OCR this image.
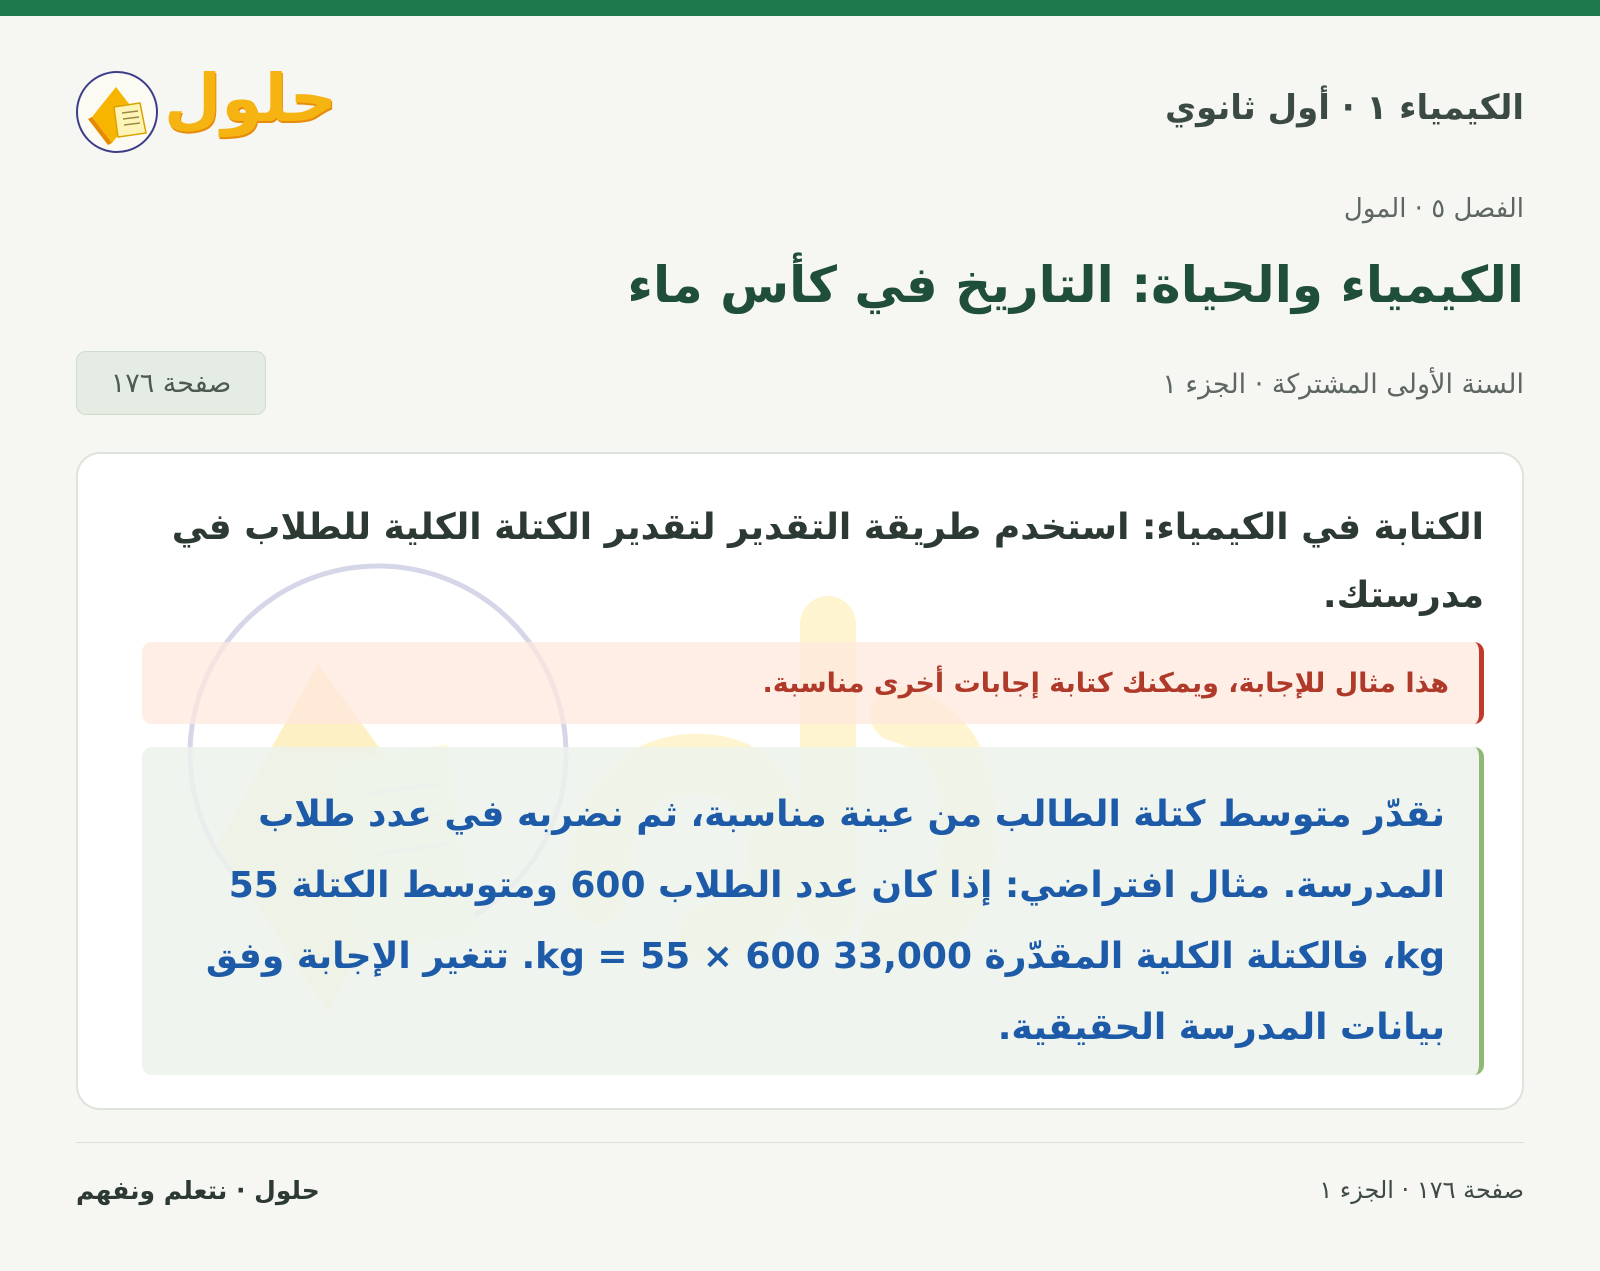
الكيمياء ١ · أول ثانوي
حلول
الفصل ٥ · المول
الكيمياء والحياة: التاريخ في كأس ماء
السنة الأولى المشتركة · الجزء ١
صفحة ١٧٦
الكتابة في الكيمياء: استخدم طريقة التقدير لتقدير الكتلة الكلية للطلاب في مدرستك.
هذا مثال للإجابة، ويمكنك كتابة إجابات أخرى مناسبة.
نقدّر متوسط كتلة الطالب من عينة مناسبة، ثم نضربه في عدد طلاب المدرسة. مثال افتراضي: إذا كان عدد الطلاب 600 ومتوسط الكتلة 55 kg، فالكتلة الكلية المقدّرة 33,000 kg = 55 × 600. تتغير الإجابة وفق بيانات المدرسة الحقيقية.
صفحة ١٧٦ · الجزء ١
حلول · نتعلم ونفهم
